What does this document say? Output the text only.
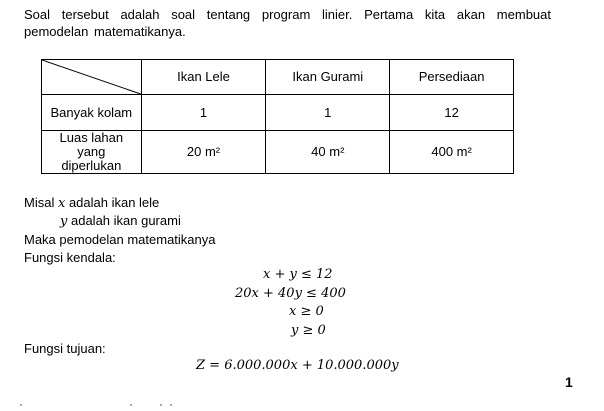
Soal tersebut adalah soal tentang program linier. Pertama kita akan membuat pemodelan matematikanya.
	Ikan Lele	Ikan Gurami	Persediaan
Banyak kolam	1	1	12

Luas lahan
yang
diperlukan	20 m²	40 m²	400 m²
Misal x adalah ikan lele
y adalah ikan gurami
Maka pemodelan matematikanya
Fungsi kendala:
x + y ≤ 12
20x + 40y ≤ 400
x ≥ 0
y ≥ 0
Fungsi tujuan:
Z = 6.000.000x + 10.000.000y
1
